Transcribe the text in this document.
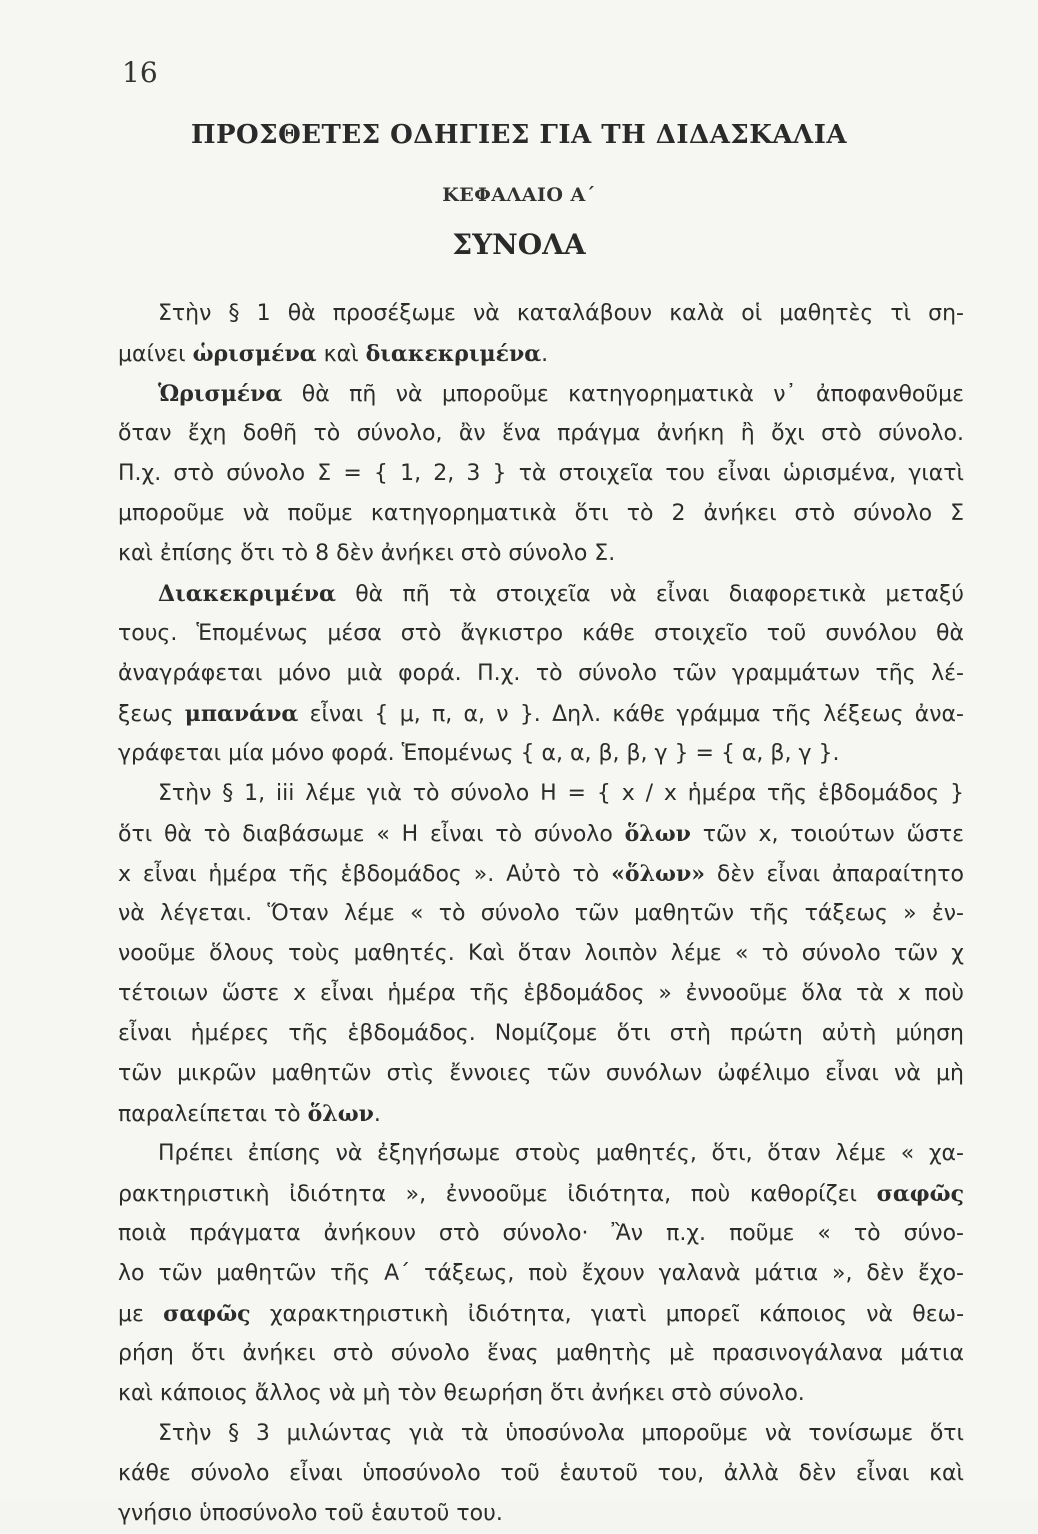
16
ΠΡΟΣΘΕΤΕΣ ΟΔΗΓΙΕΣ ΓΙΑ ΤΗ ΔΙΔΑΣΚΑΛΙΑ
ΚΕΦΑΛΑΙΟ Α΄
ΣΥΝΟΛΑ
Στὴν § 1 θὰ προσέξωμε νὰ καταλάβουν καλὰ οἱ μαθητὲς τὶ ση-
μαίνει ὡρισμένα καὶ διακεκριμένα.
Ὡρισμένα θὰ πῆ νὰ μποροῦμε κατηγορηματικὰ ν᾽ ἀποφανθοῦμε
ὅταν ἔχη δοθῆ τὸ σύνολο, ἂν ἕνα πράγμα ἀνήκη ἢ ὄχι στὸ σύνολο.
Π.χ. στὸ σύνολο Σ = { 1, 2, 3 } τὰ στοιχεῖα του εἶναι ὡρισμένα, γιατὶ
μποροῦμε νὰ ποῦμε κατηγορηματικὰ ὅτι τὸ 2 ἀνήκει στὸ σύνολο Σ
καὶ ἐπίσης ὅτι τὸ 8 δὲν ἀνήκει στὸ σύνολο Σ.
Διακεκριμένα θὰ πῆ τὰ στοιχεῖα νὰ εἶναι διαφορετικὰ μεταξύ
τους. Ἑπομένως μέσα στὸ ἄγκιστρο κάθε στοιχεῖο τοῦ συνόλου θὰ
ἀναγράφεται μόνο μιὰ φορά. Π.χ. τὸ σύνολο τῶν γραμμάτων τῆς λέ-
ξεως μπανάνα εἶναι { μ, π, α, ν }. Δηλ. κάθε γράμμα τῆς λέξεως ἀνα-
γράφεται μία μόνο φορά. Ἑπομένως { α, α, β, β, γ } = { α, β, γ }.
Στὴν § 1, iii λέμε γιὰ τὸ σύνολο Η = { x / x ἡμέρα τῆς ἑβδομάδος }
ὅτι θὰ τὸ διαβάσωμε « Η εἶναι τὸ σύνολο ὅλων τῶν x, τοιούτων ὥστε
x εἶναι ἡμέρα τῆς ἑβδομάδος ». Αὐτὸ τὸ «ὅλων» δὲν εἶναι ἀπαραίτητο
νὰ λέγεται. Ὅταν λέμε « τὸ σύνολο τῶν μαθητῶν τῆς τάξεως » ἐν-
νοοῦμε ὅλους τοὺς μαθητές. Καὶ ὅταν λοιπὸν λέμε « τὸ σύνολο τῶν χ
τέτοιων ὥστε x εἶναι ἡμέρα τῆς ἑβδομάδος » ἐννοοῦμε ὅλα τὰ x ποὺ
εἶναι ἡμέρες τῆς ἑβδομάδος. Νομίζομε ὅτι στὴ πρώτη αὐτὴ μύηση
τῶν μικρῶν μαθητῶν στὶς ἔννοιες τῶν συνόλων ὠφέλιμο εἶναι νὰ μὴ
παραλείπεται τὸ ὅλων.
Πρέπει ἐπίσης νὰ ἐξηγήσωμε στοὺς μαθητές, ὅτι, ὅταν λέμε « χα-
ρακτηριστικὴ ἰδιότητα », ἐννοοῦμε ἰδιότητα, ποὺ καθορίζει σαφῶς
ποιὰ πράγματα ἀνήκουν στὸ σύνολο· Ἂν π.χ. ποῦμε « τὸ σύνο-
λο τῶν μαθητῶν τῆς Α΄ τάξεως, ποὺ ἔχουν γαλανὰ μάτια », δὲν ἔχο-
με σαφῶς χαρακτηριστικὴ ἰδιότητα, γιατὶ μπορεῖ κάποιος νὰ θεω-
ρήση ὅτι ἀνήκει στὸ σύνολο ἕνας μαθητὴς μὲ πρασινογάλανα μάτια
καὶ κάποιος ἄλλος νὰ μὴ τὸν θεωρήση ὅτι ἀνήκει στὸ σύνολο.
Στὴν § 3 μιλώντας γιὰ τὰ ὑποσύνολα μποροῦμε νὰ τονίσωμε ὅτι
κάθε σύνολο εἶναι ὑποσύνολο τοῦ ἑαυτοῦ του, ἀλλὰ δὲν εἶναι καὶ
γνήσιο ὑποσύνολο τοῦ ἑαυτοῦ του.
